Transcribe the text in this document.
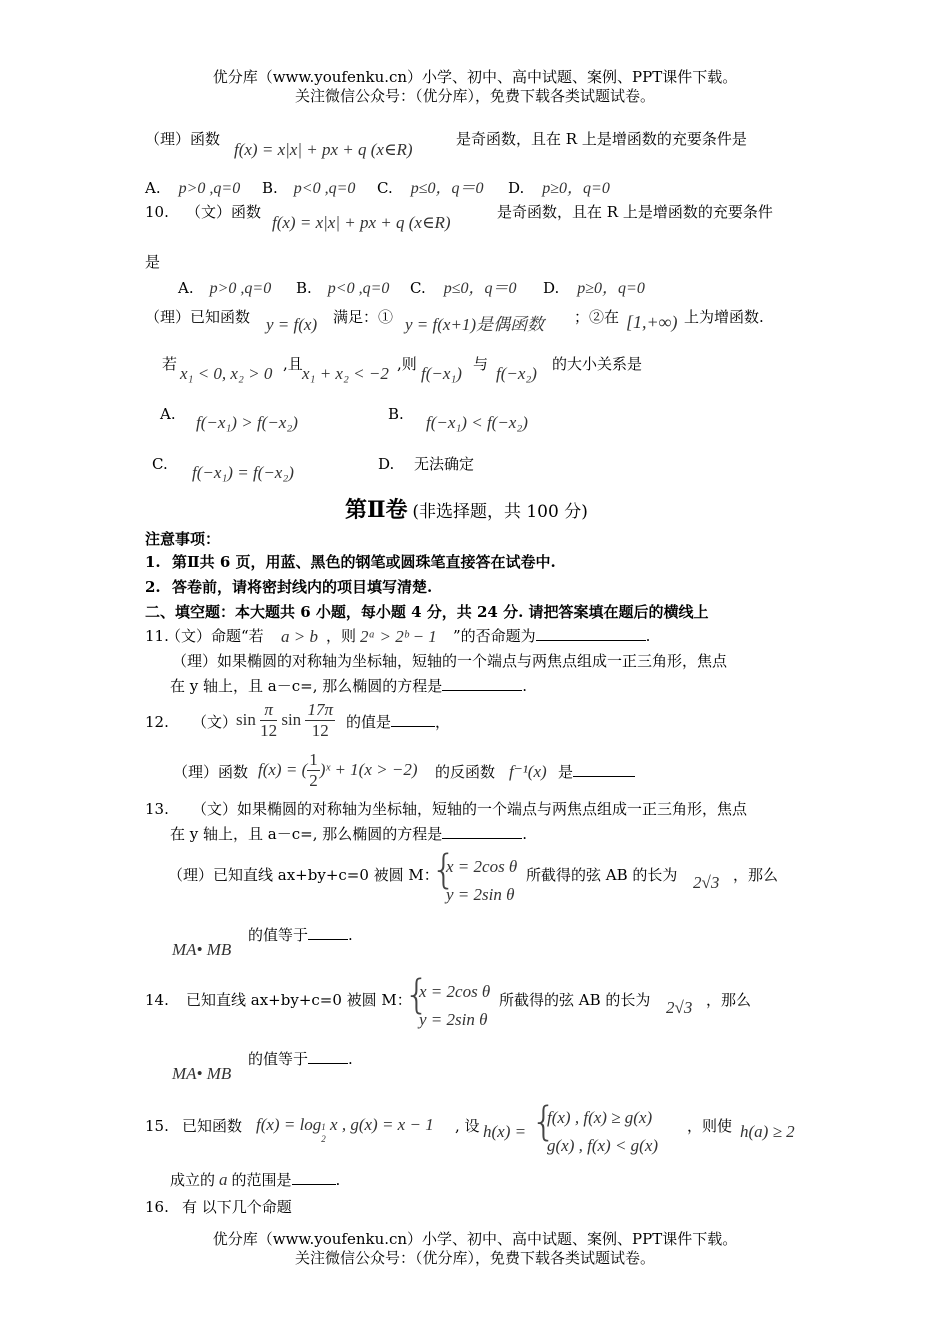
优分库（www.youfenku.cn）小学、初中、高中试题、案例、PPT课件下载。
关注微信公众号：（优分库），免费下载各类试题试卷。
（理）函数
f(x) = x|x| + px + q (x∈R)
是奇函数，且在 R 上是增函数的充要条件是
A. p>0 ,q=0 B. p<0 ,q=0 C. p≤0，q＝0 D. p≥0，q=0
10. （文）函数
f(x) = x|x| + px + q (x∈R)
是奇函数，且在 R 上是增函数的充要条件
是
A. p>0 ,q=0 B. p<0 ,q=0 C. p≤0，q＝0 D. p≥0，q=0
（理）已知函数 y = f(x) 满足：① y = f(x+1)是偶函数 ；②在 [1,+∞) 上为增函数.
若 x₁ < 0, x₂ > 0 ,且 x₁ + x₂ < −2 ,则 f(−x₁) 与 f(−x₂) 的大小关系是
A. f(−x₁) > f(−x₂)	B. f(−x₁) < f(−x₂)
C. f(−x₁) = f(−x₂)	D. 无法确定
第Ⅱ卷 (非选择题，共 100 分)
注意事项：
1. 第Ⅱ共 6 页，用蓝、黑色的钢笔或圆珠笔直接答在试卷中.
2. 答卷前，请将密封线内的项目填写清楚.
二、填空题：本大题共 6 小题，每小题 4 分，共 24 分. 请把答案填在题后的横线上
11.
（文）命题“若 a > b ，则 2ᵃ > 2ᵇ − 1 ”的否命题为	.
（理）如果椭圆的对称轴为坐标轴，短轴的一个端点与两焦点组成一正三角形，焦点
在 y 轴上，且 a－c=, 那么椭圆的方程是	.
12. （文）
$\sin \frac{\pi}{12}$ $\sin \frac{17\pi}{12}$ 的值是	，
（理）函数 f(x) = ( $\frac{1}{2}$ )ˣ + 1(x > −2) 的反函数 f⁻¹(x) 是
13. （文）如果椭圆的对称轴为坐标轴，短轴的一个端点与两焦点组成一正三角形，焦点
在 y 轴上，且 a－c=, 那么椭圆的方程是	.
（理）已知直线 ax+by+c=0 被圆 M：
{
x = 2cos θ
y = 2sin θ
所截得的弦 AB 的长为 2√3 ，那么
MA• MB
的值等于	.
14. 已知直线 ax+by+c=0 被圆 M：
{
x = 2cos θ
y = 2sin θ
所截得的弦 AB 的长为 2√3 ，那么
MA• MB
的值等于	.
15. 已知函数 f(x) = log 1
2
x , g(x) = x − 1 , 设 h(x) = {
f(x) , f(x) ≥ g(x)
g(x) , f(x) < g(x)
，则使 h(a) ≥ 2
成立的 a 的范围是	.
16. 有 以下几个命题
优分库（www.youfenku.cn）小学、初中、高中试题、案例、PPT课件下载。
关注微信公众号：（优分库），免费下载各类试题试卷。
